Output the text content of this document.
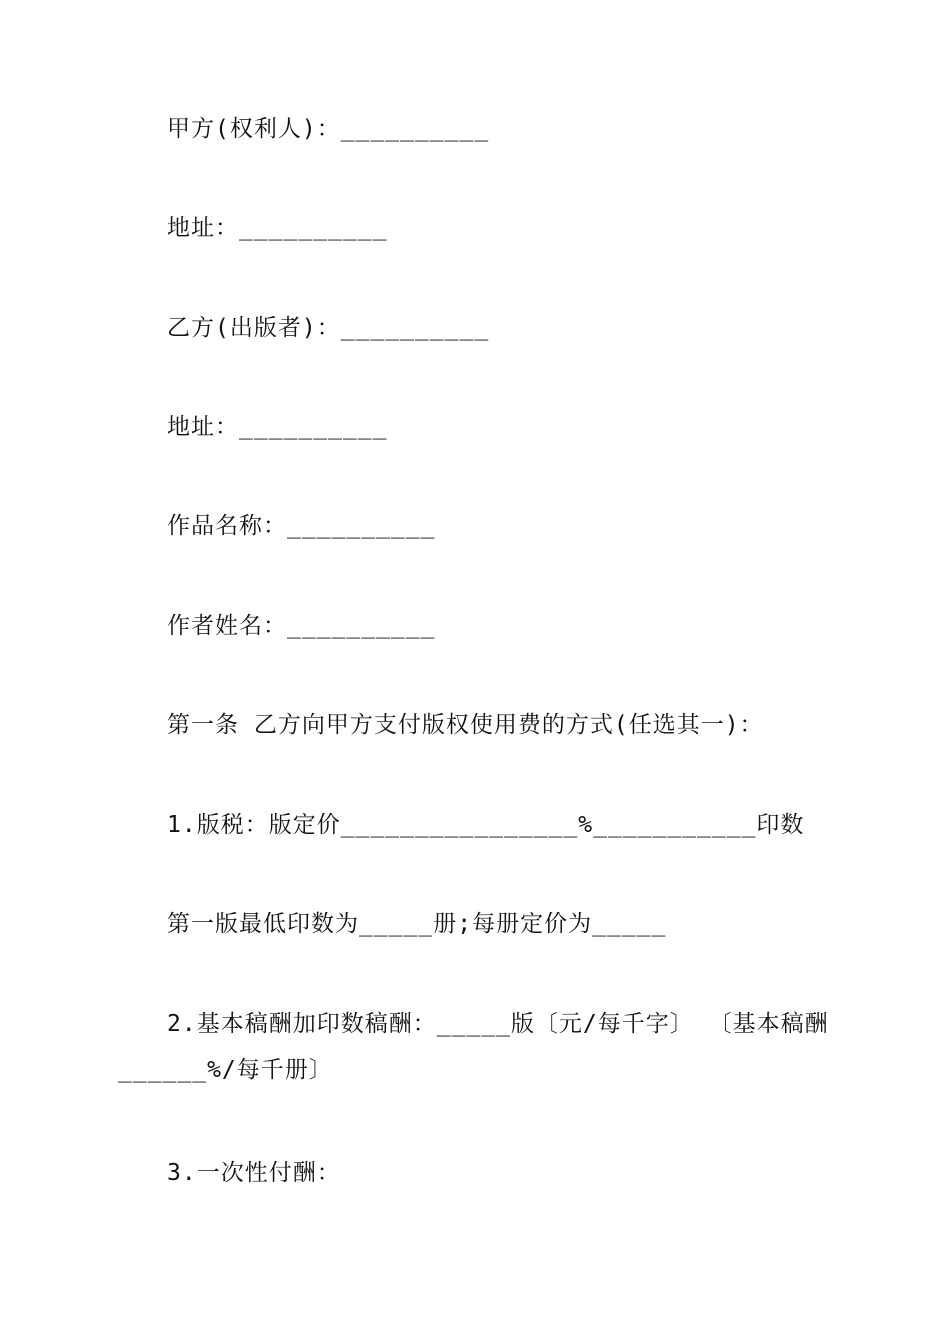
甲方(权利人)：__________

地址：__________

乙方(出版者)：__________

地址：__________

作品名称：__________

作者姓名：__________

第一条 乙方向甲方支付版权使用费的方式(任选其一)：

1.版税：版定价________________%___________印数

第一版最低印数为_____册;每册定价为_____

2.基本稿酬加印数稿酬：_____版〔元/每千字〕 〔基本稿酬______%/每千册〕

3.一次性付酬：
